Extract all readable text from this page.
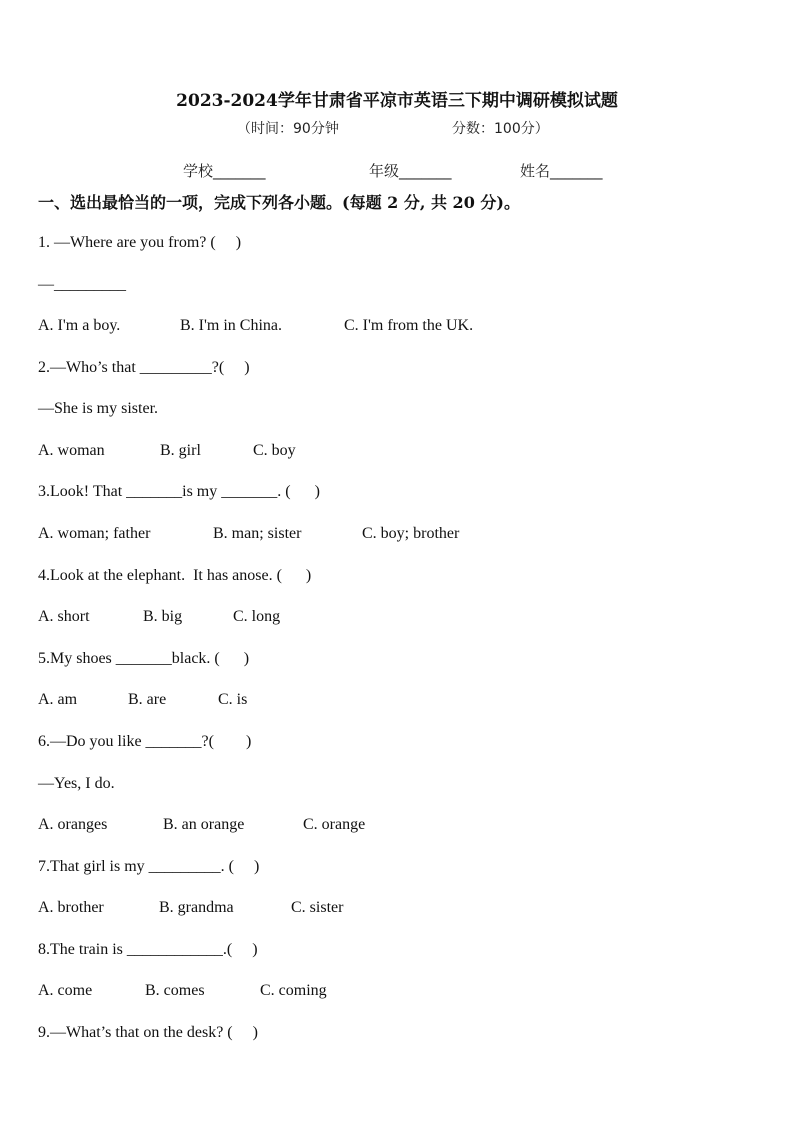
2023-2024学年甘肃省平凉市英语三下期中调研模拟试题
（时间：90分钟	分数：100分）
学校_______	年级_______	姓名_______
一、选出最恰当的一项，完成下列各小题。(每题 2 分, 共 20 分)。
1. —Where are you from? (     )
—_________
A. I'm a boy.	B. I'm in China.	C. I'm from the UK.
2.—Who’s that _________?(     )
—She is my sister.
A. woman	B. girl	C. boy
3.Look! That _______is my _______. (      )
A. woman; father	B. man; sister	C. boy; brother
4.Look at the elephant.  It has anose. (      )
A. short	B. big	C. long
5.My shoes _______black. (      )
A. am	B. are	C. is
6.—Do you like _______?(        )
—Yes, I do.
A. oranges	B. an orange	C. orange
7.That girl is my _________. (     )
A. brother	B. grandma	C. sister
8.The train is ____________.(     )
A. come	B. comes	C. coming
9.—What’s that on the desk? (     )
